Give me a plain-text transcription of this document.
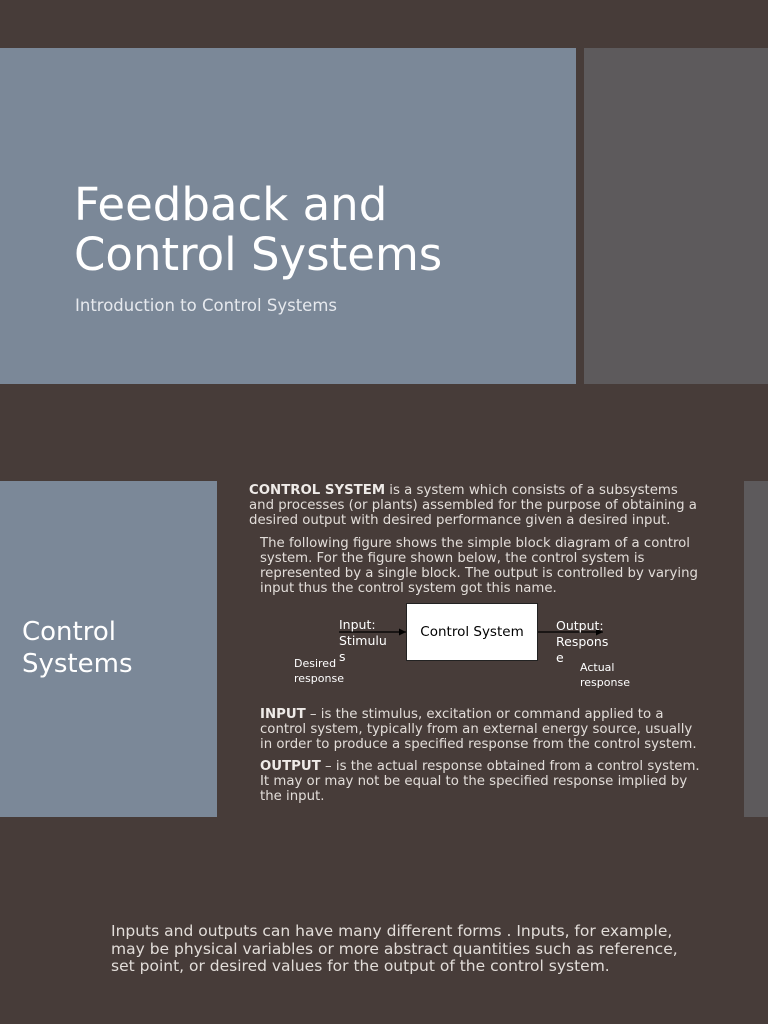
Feedback and
Control Systems

Introduction to Control Systems

Control
Systems

CONTROL SYSTEM is a system which consists of a subsystems and processes (or plants) assembled for the purpose of obtaining a desired output with desired performance given a desired input.

The following figure shows the simple block diagram of a control system. For the figure shown below, the control system is represented by a single block. The output is controlled by varying input thus the control system got this name.

Input:
Stimulu
s
Desired
response
Control System	Output:
Respons
e
Actual
response

INPUT – is the stimulus, excitation or command applied to a control system, typically from an external energy source, usually in order to produce a specified response from the control system.

OUTPUT – is the actual response obtained from a control system. It may or may not be equal to the specified response implied by the input.

Inputs and outputs can have many different forms . Inputs, for example, may be physical variables or more abstract quantities such as reference, set point, or desired values for the output of the control system.
